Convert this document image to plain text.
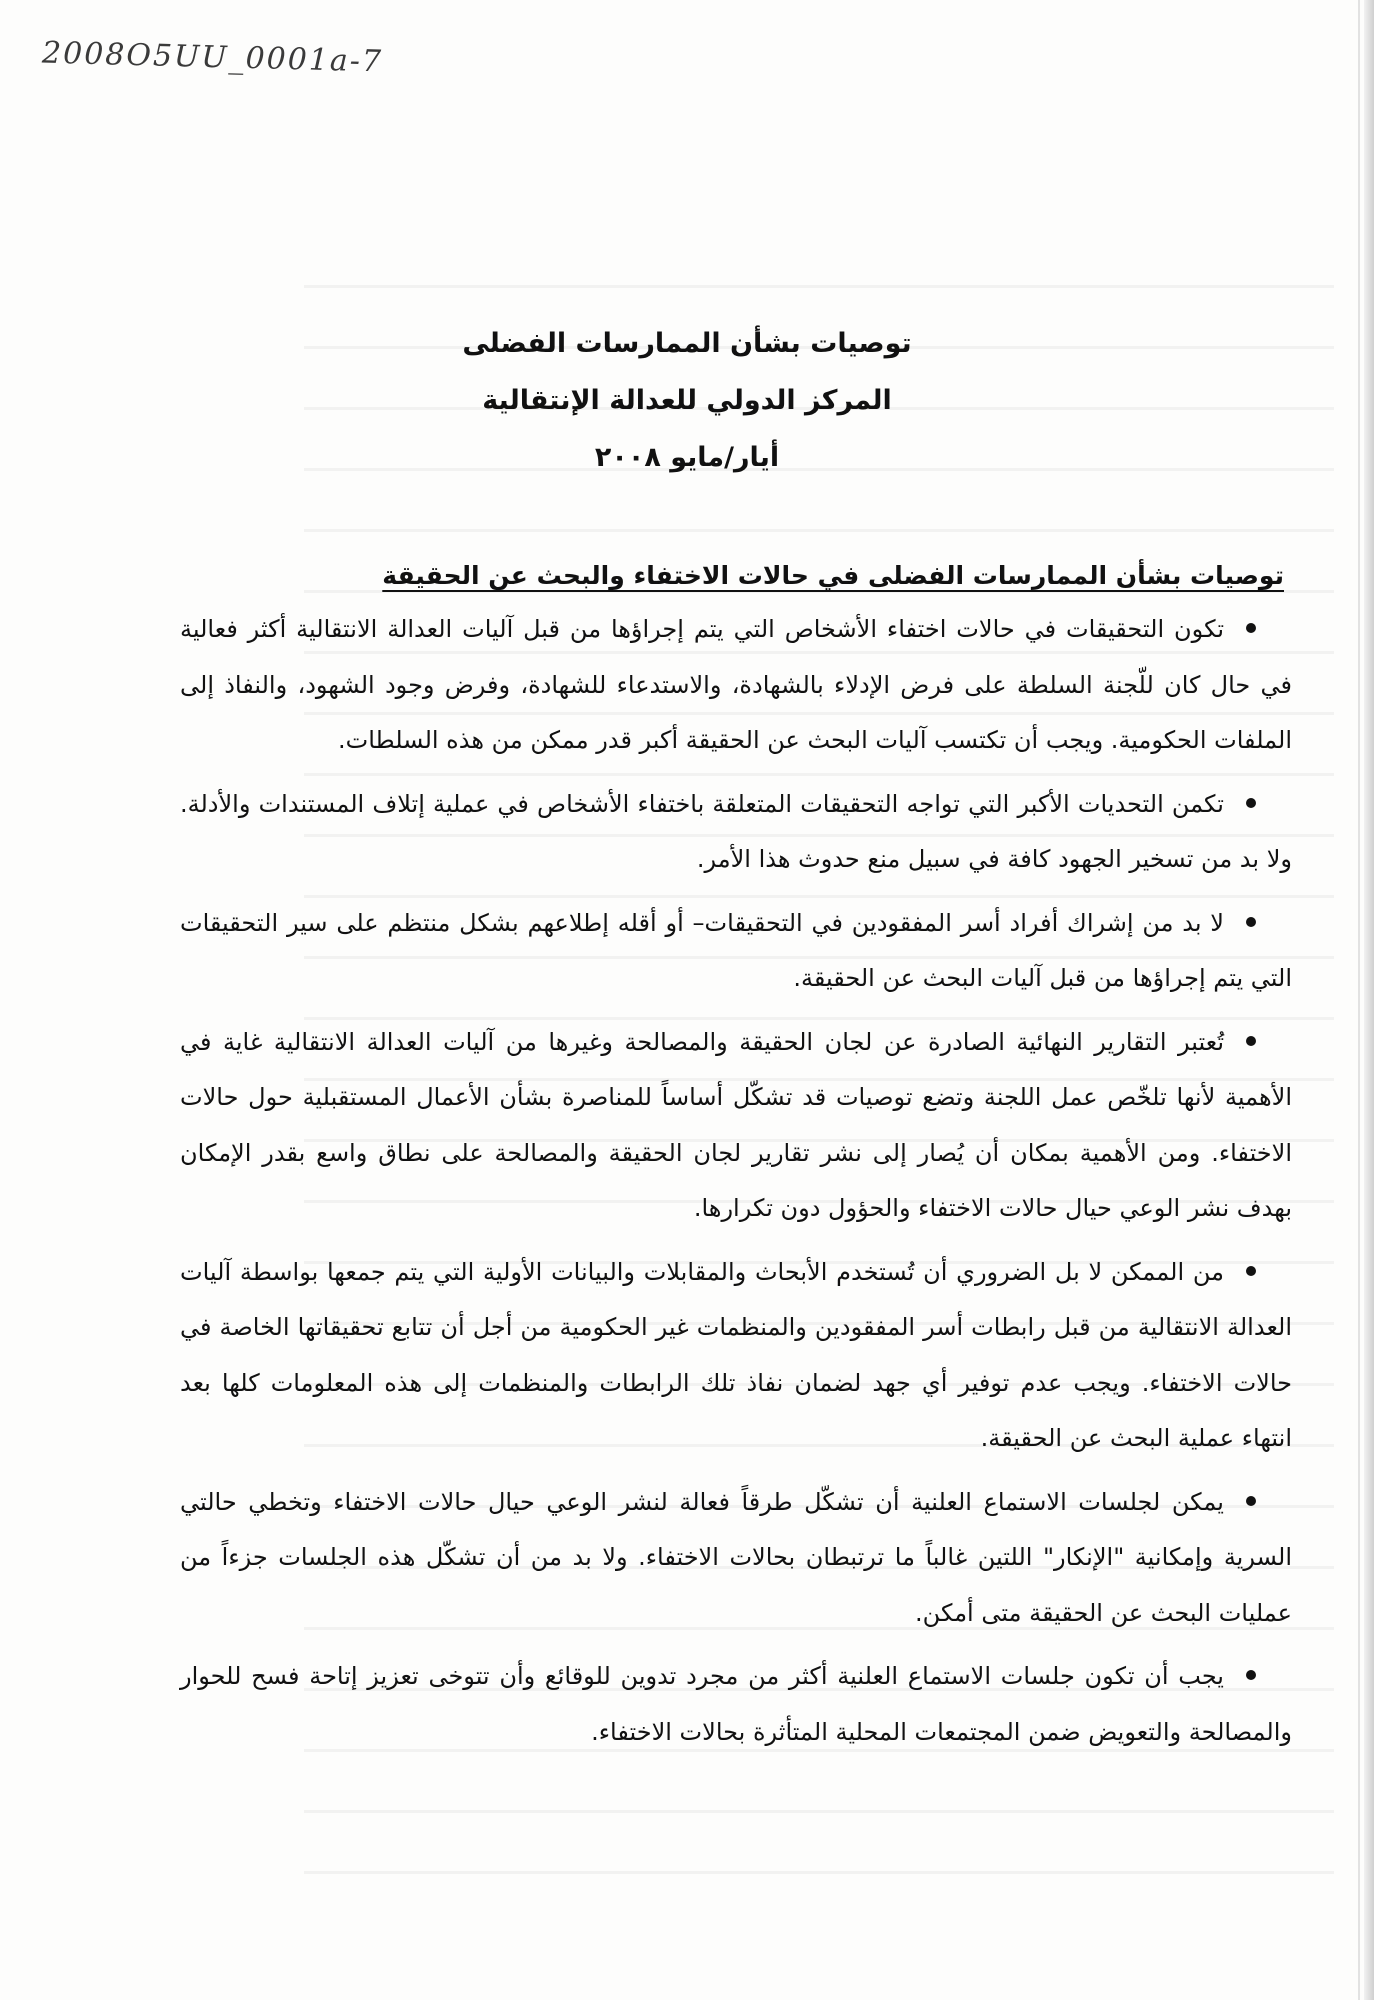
2008O5UU_0001a-7
توصيات بشأن الممارسات الفضلى
المركز الدولي للعدالة الإنتقالية
أيار/مايو ٢٠٠٨
توصيات بشأن الممارسات الفضلى في حالات الاختفاء والبحث عن الحقيقة
تكون التحقيقات في حالات اختفاء الأشخاص التي يتم إجراؤها من قبل آليات العدالة الانتقالية أكثر فعالية في حال كان للّجنة السلطة على فرض الإدلاء بالشهادة، والاستدعاء للشهادة، وفرض وجود الشهود، والنفاذ إلى الملفات الحكومية. ويجب أن تكتسب آليات البحث عن الحقيقة أكبر قدر ممكن من هذه السلطات.
تكمن التحديات الأكبر التي تواجه التحقيقات المتعلقة باختفاء الأشخاص في عملية إتلاف المستندات والأدلة. ولا بد من تسخير الجهود كافة في سبيل منع حدوث هذا الأمر.
لا بد من إشراك أفراد أسر المفقودين في التحقيقات– أو أقله إطلاعهم بشكل منتظم على سير التحقيقات التي يتم إجراؤها من قبل آليات البحث عن الحقيقة.
تُعتبر التقارير النهائية الصادرة عن لجان الحقيقة والمصالحة وغيرها من آليات العدالة الانتقالية غاية في الأهمية لأنها تلخّص عمل اللجنة وتضع توصيات قد تشكّل أساساً للمناصرة بشأن الأعمال المستقبلية حول حالات الاختفاء. ومن الأهمية بمكان أن يُصار إلى نشر تقارير لجان الحقيقة والمصالحة على نطاق واسع بقدر الإمكان بهدف نشر الوعي حيال حالات الاختفاء والحؤول دون تكرارها.
من الممكن لا بل الضروري أن تُستخدم الأبحاث والمقابلات والبيانات الأولية التي يتم جمعها بواسطة آليات العدالة الانتقالية من قبل رابطات أسر المفقودين والمنظمات غير الحكومية من أجل أن تتابع تحقيقاتها الخاصة في حالات الاختفاء. ويجب عدم توفير أي جهد لضمان نفاذ تلك الرابطات والمنظمات إلى هذه المعلومات كلها بعد انتهاء عملية البحث عن الحقيقة.
يمكن لجلسات الاستماع العلنية أن تشكّل طرقاً فعالة لنشر الوعي حيال حالات الاختفاء وتخطي حالتي السرية وإمكانية "الإنكار" اللتين غالباً ما ترتبطان بحالات الاختفاء. ولا بد من أن تشكّل هذه الجلسات جزءاً من عمليات البحث عن الحقيقة متى أمكن.
يجب أن تكون جلسات الاستماع العلنية أكثر من مجرد تدوين للوقائع وأن تتوخى تعزيز إتاحة فسح للحوار والمصالحة والتعويض ضمن المجتمعات المحلية المتأثرة بحالات الاختفاء.
